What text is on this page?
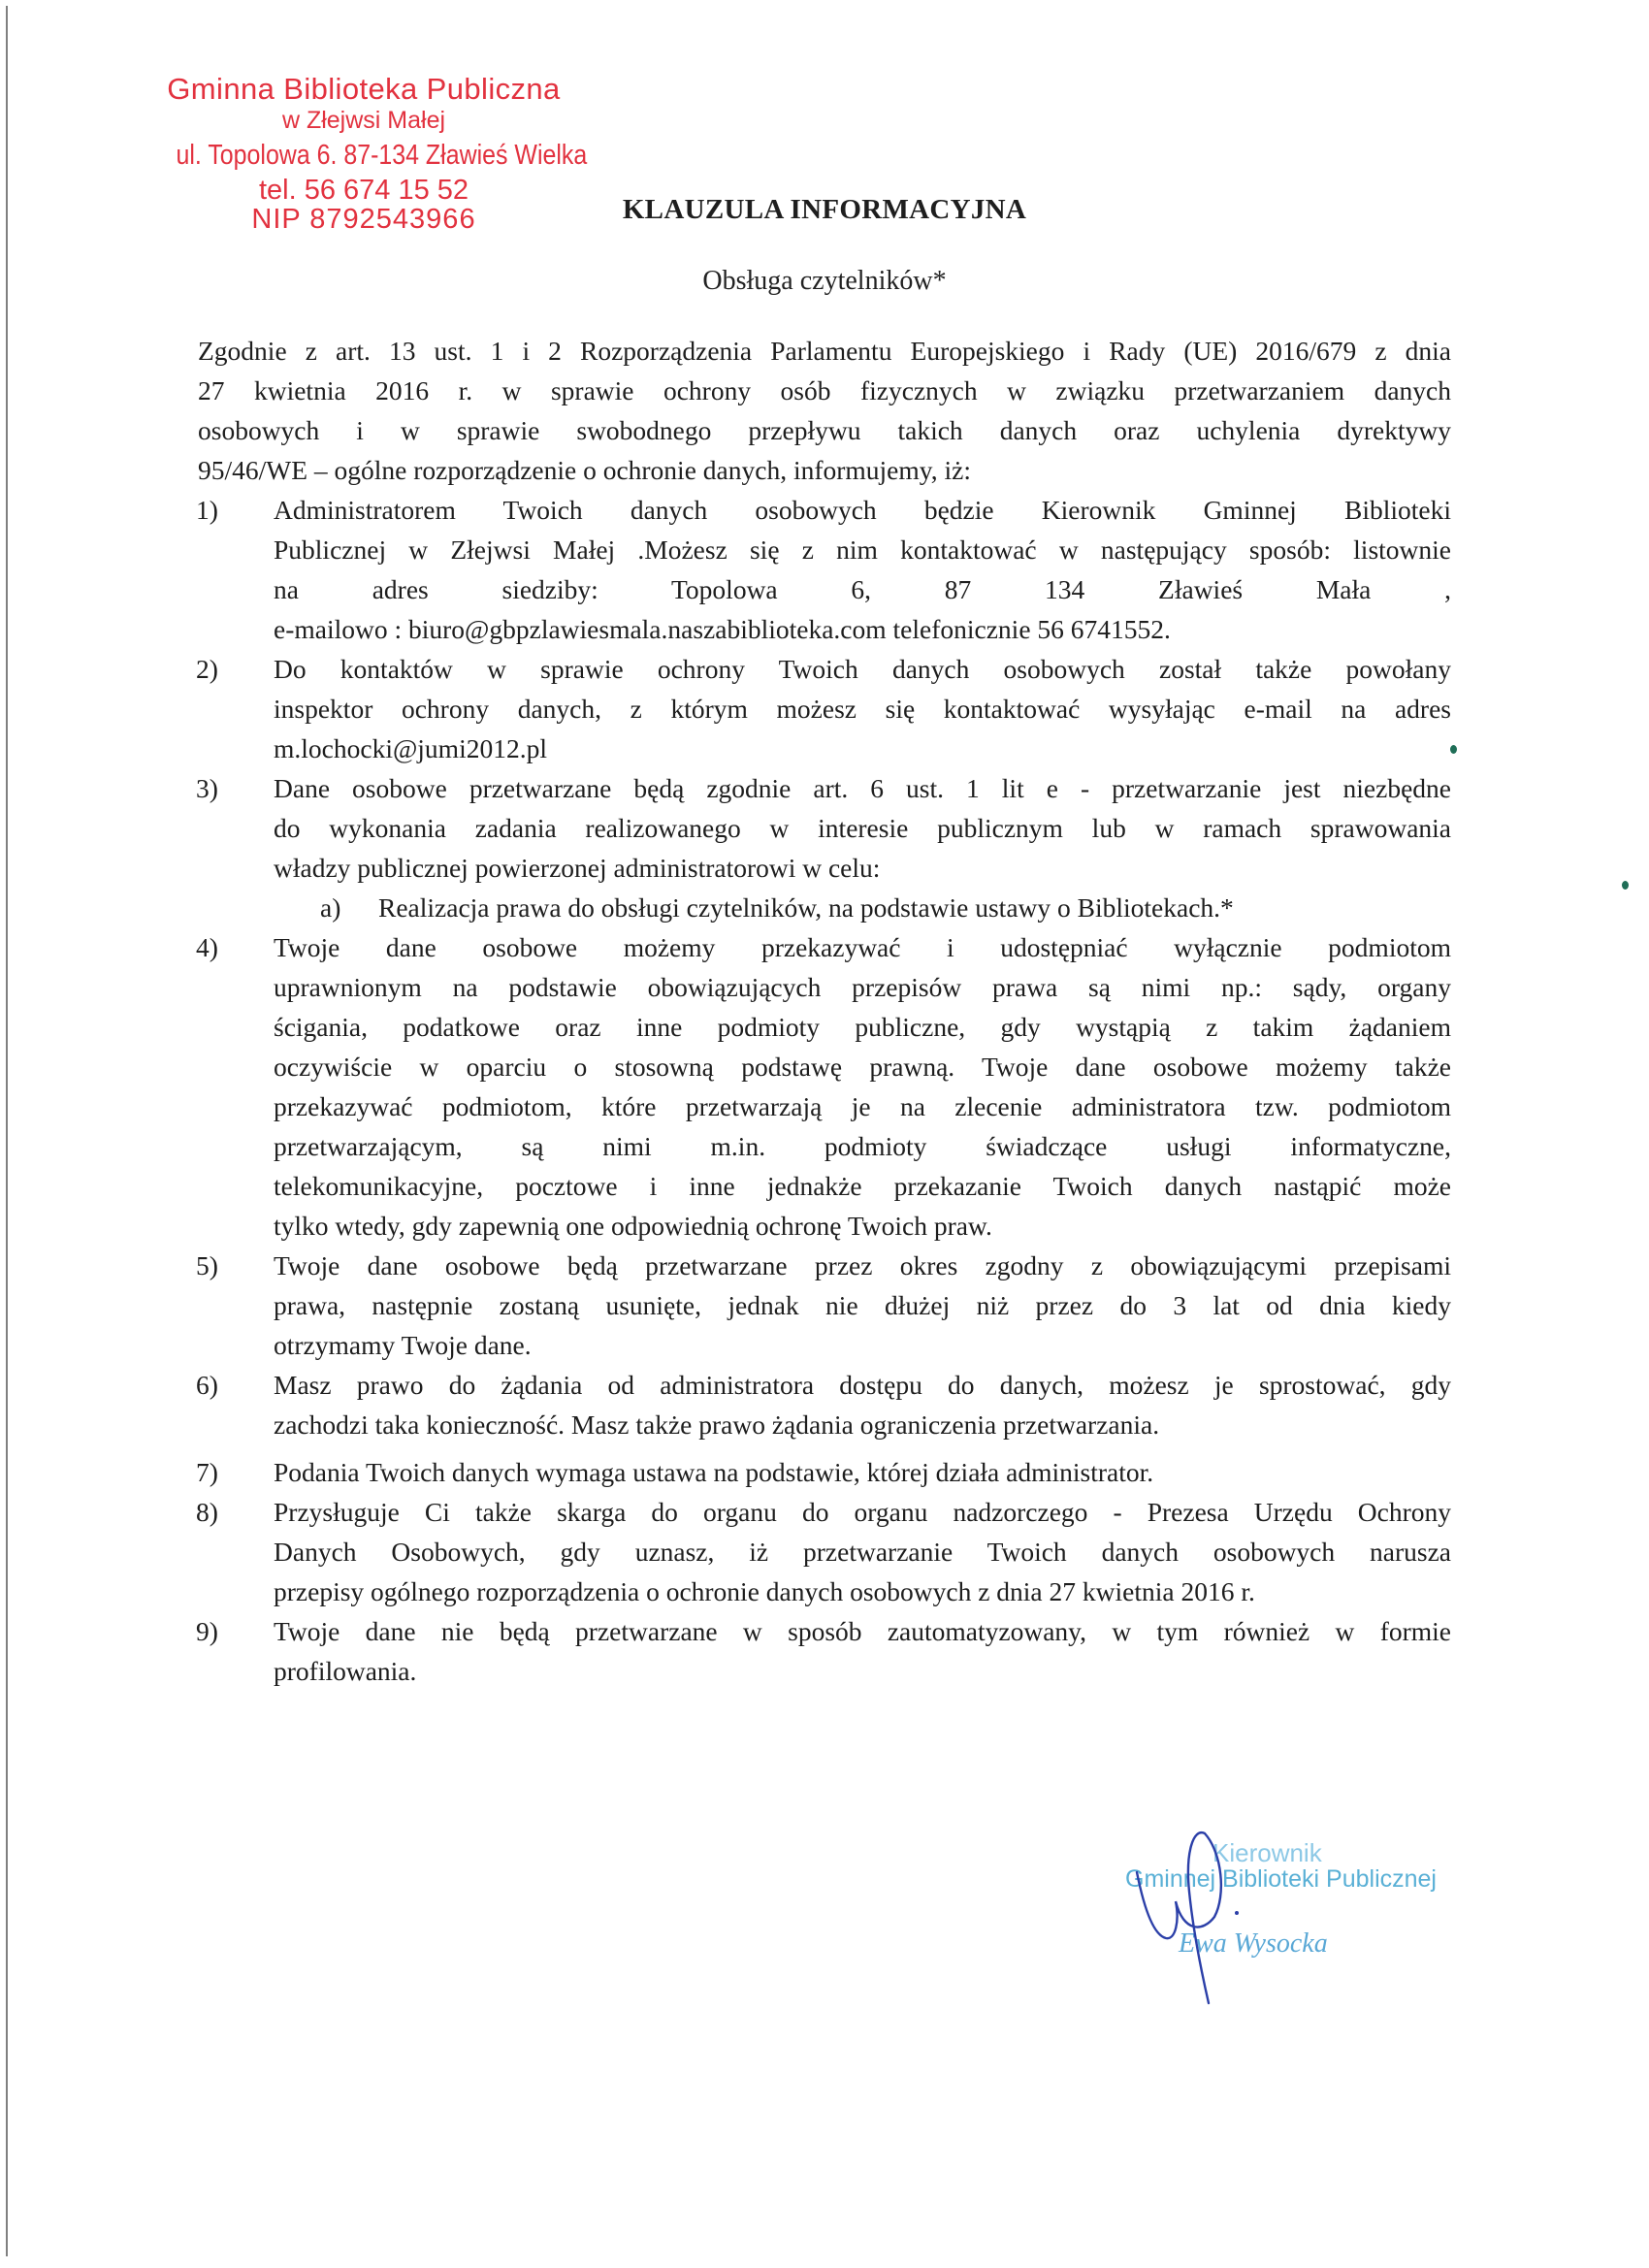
Gminna Biblioteka Publiczna
w Złejwsi Małej
ul. Topolowa 6. 87-134 Zławieś Wielka
tel. 56 674 15 52
NIP 8792543966	KLAUZULA INFORMACYJNA
Obsługa czytelników*
Zgodnie z art. 13 ust. 1 i 2 Rozporządzenia Parlamentu Europejskiego i Rady (UE) 2016/679 z dnia
27 kwietnia 2016 r. w sprawie ochrony osób fizycznych w związku przetwarzaniem danych
osobowych i w sprawie swobodnego przepływu takich danych oraz uchylenia dyrektywy
95/46/WE – ogólne rozporządzenie o ochronie danych, informujemy, iż:
1) Administratorem Twoich danych osobowych będzie Kierownik Gminnej Biblioteki
Publicznej w Złejwsi Małej .Możesz się z nim kontaktować w następujący sposób: listownie
na adres siedziby: Topolowa 6, 87 134 Zławieś Mała ,
e-mailowo : biuro@gbpzlawiesmala.naszabiblioteka.com telefonicznie 56 6741552.
2) Do kontaktów w sprawie ochrony Twoich danych osobowych został także powołany
inspektor ochrony danych, z którym możesz się kontaktować wysyłając e-mail na adres
m.lochocki@jumi2012.pl
3) Dane osobowe przetwarzane będą zgodnie art. 6 ust. 1 lit e - przetwarzanie jest niezbędne
do wykonania zadania realizowanego w interesie publicznym lub w ramach sprawowania
władzy publicznej powierzonej administratorowi w celu:
a) Realizacja prawa do obsługi czytelników, na podstawie ustawy o Bibliotekach.*
4) Twoje dane osobowe możemy przekazywać i udostępniać wyłącznie podmiotom
uprawnionym na podstawie obowiązujących przepisów prawa są nimi np.: sądy, organy
ścigania, podatkowe oraz inne podmioty publiczne, gdy wystąpią z takim żądaniem
oczywiście w oparciu o stosowną podstawę prawną. Twoje dane osobowe możemy także
przekazywać podmiotom, które przetwarzają je na zlecenie administratora tzw. podmiotom
przetwarzającym, są nimi m.in. podmioty świadczące usługi informatyczne,
telekomunikacyjne, pocztowe i inne jednakże przekazanie Twoich danych nastąpić może
tylko wtedy, gdy zapewnią one odpowiednią ochronę Twoich praw.
5) Twoje dane osobowe będą przetwarzane przez okres zgodny z obowiązującymi przepisami
prawa, następnie zostaną usunięte, jednak nie dłużej niż przez do 3 lat od dnia kiedy
otrzymamy Twoje dane.
6) Masz prawo do żądania od administratora dostępu do danych, możesz je sprostować, gdy
zachodzi taka konieczność. Masz także prawo żądania ograniczenia przetwarzania.
7) Podania Twoich danych wymaga ustawa na podstawie, której działa administrator.
8) Przysługuje Ci także skarga do organu do organu nadzorczego - Prezesa Urzędu Ochrony
Danych Osobowych, gdy uznasz, iż przetwarzanie Twoich danych osobowych narusza
przepisy ogólnego rozporządzenia o ochronie danych osobowych z dnia 27 kwietnia 2016 r.
9) Twoje dane nie będą przetwarzane w sposób zautomatyzowany, w tym również w formie
profilowania.
Kierownik
Gminnej Biblioteki Publicznej
Ewa Wysocka
